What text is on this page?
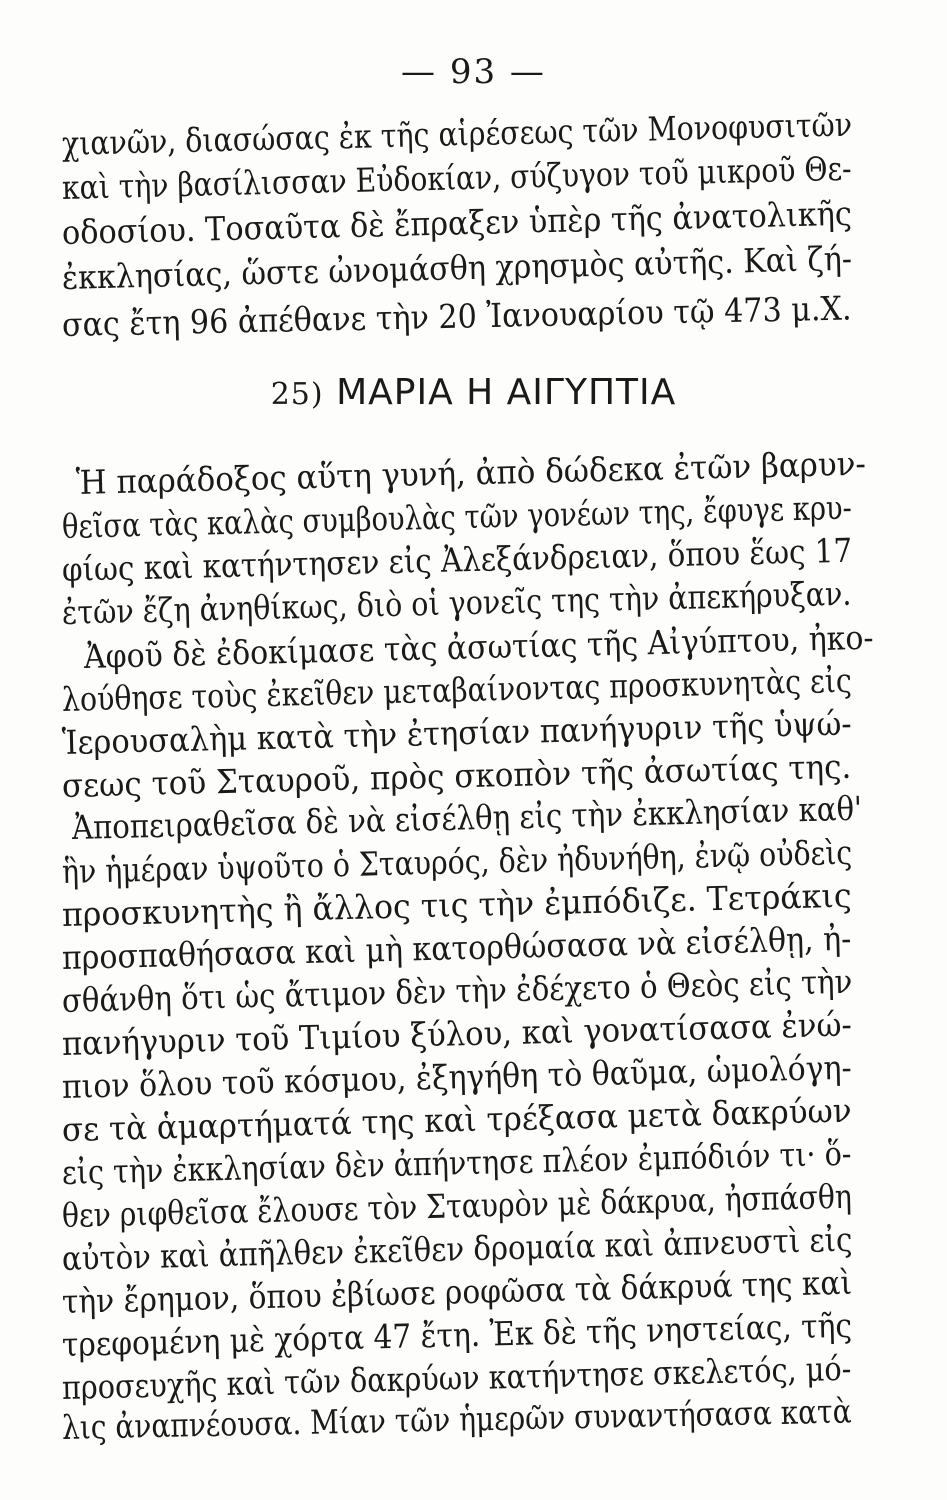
— 93 —
χιανῶν, διασώσας ἐκ τῆς αἱρέσεως τῶν Μονοφυσιτῶν
καὶ τὴν βασίλισσαν Εὐδοκίαν, σύζυγον τοῦ μικροῦ Θε-
οδοσίου. Τοσαῦτα δὲ ἔπραξεν ὑπὲρ τῆς ἀνατολικῆς
ἐκκλησίας, ὥστε ὠνομάσθη χρησμὸς αὐτῆς. Καὶ ζή-
σας ἔτη 96 ἀπέθανε τὴν 20 Ἰανουαρίου τῷ 473 μ.Χ.
25) ΜΑΡΙΑ Η ΑΙΓΥΠΤΙΑ
Ἡ παράδοξος αὕτη γυνή, ἀπὸ δώδεκα ἐτῶν βαρυν-
θεῖσα τὰς καλὰς συμβουλὰς τῶν γονέων της, ἔφυγε κρυ-
φίως καὶ κατήντησεν εἰς Ἀλεξάνδρειαν, ὅπου ἕως 17
ἐτῶν ἔζη ἀνηθίκως, διὸ οἱ γονεῖς της τὴν ἀπεκήρυξαν.
Ἀφοῦ δὲ ἐδοκίμασε τὰς ἀσωτίας τῆς Αἰγύπτου, ἠκο-
λούθησε τοὺς ἐκεῖθεν μεταβαίνοντας προσκυνητὰς εἰς
Ἱερουσαλὴμ κατὰ τὴν ἐτησίαν πανήγυριν τῆς ὑψώ-
σεως τοῦ Σταυροῦ, πρὸς σκοπὸν τῆς ἀσωτίας της.
Ἀποπειραθεῖσα δὲ νὰ εἰσέλθῃ εἰς τὴν ἐκκλησίαν καθ'
ἣν ἡμέραν ὑψοῦτο ὁ Σταυρός, δὲν ἠδυνήθη, ἐνῷ οὐδεὶς
προσκυνητὴς ἢ ἄλλος τις τὴν ἐμπόδιζε. Τετράκις
προσπαθήσασα καὶ μὴ κατορθώσασα νὰ εἰσέλθῃ, ἠ-
σθάνθη ὅτι ὡς ἄτιμον δὲν τὴν ἐδέχετο ὁ Θεὸς εἰς τὴν
πανήγυριν τοῦ Τιμίου ξύλου, καὶ γονατίσασα ἐνώ-
πιον ὅλου τοῦ κόσμου, ἐξηγήθη τὸ θαῦμα, ὡμολόγη-
σε τὰ ἁμαρτήματά της καὶ τρέξασα μετὰ δακρύων
εἰς τὴν ἐκκλησίαν δὲν ἀπήντησε πλέον ἐμπόδιόν τι· ὅ-
θεν ριφθεῖσα ἔλουσε τὸν Σταυρὸν μὲ δάκρυα, ἠσπάσθη
αὐτὸν καὶ ἀπῆλθεν ἐκεῖθεν δρομαία καὶ ἀπνευστὶ εἰς
τὴν ἔρημον, ὅπου ἐβίωσε ροφῶσα τὰ δάκρυά της καὶ
τρεφομένη μὲ χόρτα 47 ἔτη. Ἐκ δὲ τῆς νηστείας, τῆς
προσευχῆς καὶ τῶν δακρύων κατήντησε σκελετός, μό-
λις ἀναπνέουσα. Μίαν τῶν ἡμερῶν συναντήσασα κατὰ
